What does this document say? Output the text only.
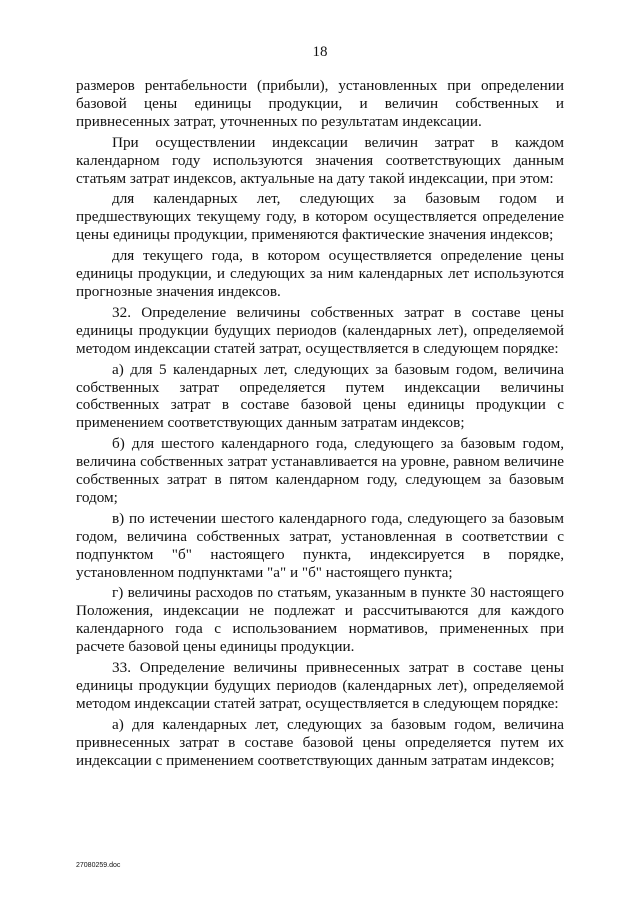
18

размеров рентабельности (прибыли), установленных при определении базовой цены единицы продукции, и величин собственных и привнесенных затрат, уточненных по результатам индексации.

При осуществлении индексации величин затрат в каждом календарном году используются значения соответствующих данным статьям затрат индексов, актуальные на дату такой индексации, при этом:

для календарных лет, следующих за базовым годом и предшествующих текущему году, в котором осуществляется определение цены единицы продукции, применяются фактические значения индексов;

для текущего года, в котором осуществляется определение цены единицы продукции, и следующих за ним календарных лет используются прогнозные значения индексов.

32. Определение величины собственных затрат в составе цены единицы продукции будущих периодов (календарных лет), определяемой методом индексации статей затрат, осуществляется в следующем порядке:

а) для 5 календарных лет, следующих за базовым годом, величина собственных затрат определяется путем индексации величины собственных затрат в составе базовой цены единицы продукции с применением соответствующих данным затратам индексов;

б) для шестого календарного года, следующего за базовым годом, величина собственных затрат устанавливается на уровне, равном величине собственных затрат в пятом календарном году, следующем за базовым годом;

в) по истечении шестого календарного года, следующего за базовым годом, величина собственных затрат, установленная в соответствии с подпунктом "б" настоящего пункта, индексируется в порядке, установленном подпунктами "а" и "б" настоящего пункта;

г) величины расходов по статьям, указанным в пункте 30 настоящего Положения, индексации не подлежат и рассчитываются для каждого календарного года с использованием нормативов, примененных при расчете базовой цены единицы продукции.

33. Определение величины привнесенных затрат в составе цены единицы продукции будущих периодов (календарных лет), определяемой методом индексации статей затрат, осуществляется в следующем порядке:

а) для календарных лет, следующих за базовым годом, величина привнесенных затрат в составе базовой цены определяется путем их индексации с применением соответствующих данным затратам индексов;

27080259.doc
